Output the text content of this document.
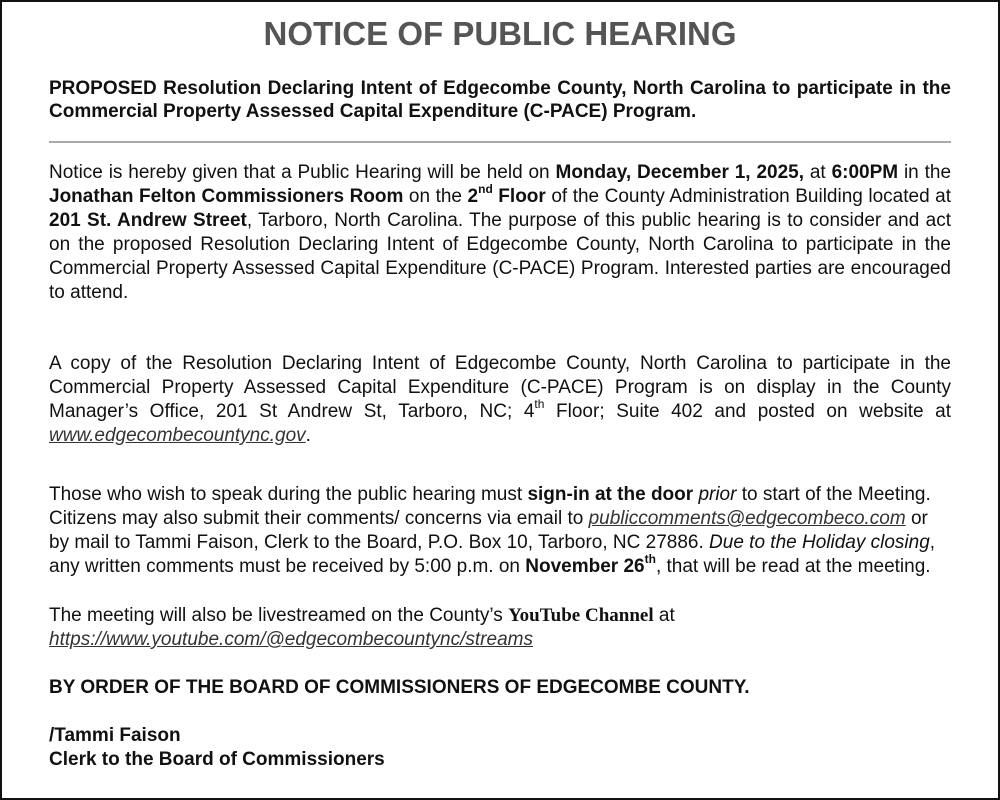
NOTICE OF PUBLIC HEARING
PROPOSED Resolution Declaring Intent of Edgecombe County, North Carolina to participate in the Commercial Property Assessed Capital Expenditure (C-PACE) Program.

Notice is hereby given that a Public Hearing will be held on Monday, December 1, 2025, at 6:00PM in the Jonathan Felton Commissioners Room on the 2nd Floor of the County Administration Building located at 201 St. Andrew Street, Tarboro, North Carolina. The purpose of this public hearing is to consider and act on the proposed Resolution Declaring Intent of Edgecombe County, North Carolina to participate in the Commercial Property Assessed Capital Expenditure (C-PACE) Program. Interested parties are encouraged to attend.

A copy of the Resolution Declaring Intent of Edgecombe County, North Carolina to participate in the Commercial Property Assessed Capital Expenditure (C-PACE) Program is on display in the County Manager’s Office, 201 St Andrew St, Tarboro, NC; 4th Floor; Suite 402 and posted on website at www.edgecombecountync.gov.

Those who wish to speak during the public hearing must sign-in at the door prior to start of the Meeting. Citizens may also submit their comments/ concerns via email to publiccomments@edgecombeco.com or by mail to Tammi Faison, Clerk to the Board, P.O. Box 10, Tarboro, NC 27886. Due to the Holiday closing, any written comments must be received by 5:00 p.m. on November 26th, that will be read at the meeting.

The meeting will also be livestreamed on the County’s YouTube Channel at
https://www.youtube.com/@edgecombecountync/streams

BY ORDER OF THE BOARD OF COMMISSIONERS OF EDGECOMBE COUNTY.
/Tammi Faison
Clerk to the Board of Commissioners
